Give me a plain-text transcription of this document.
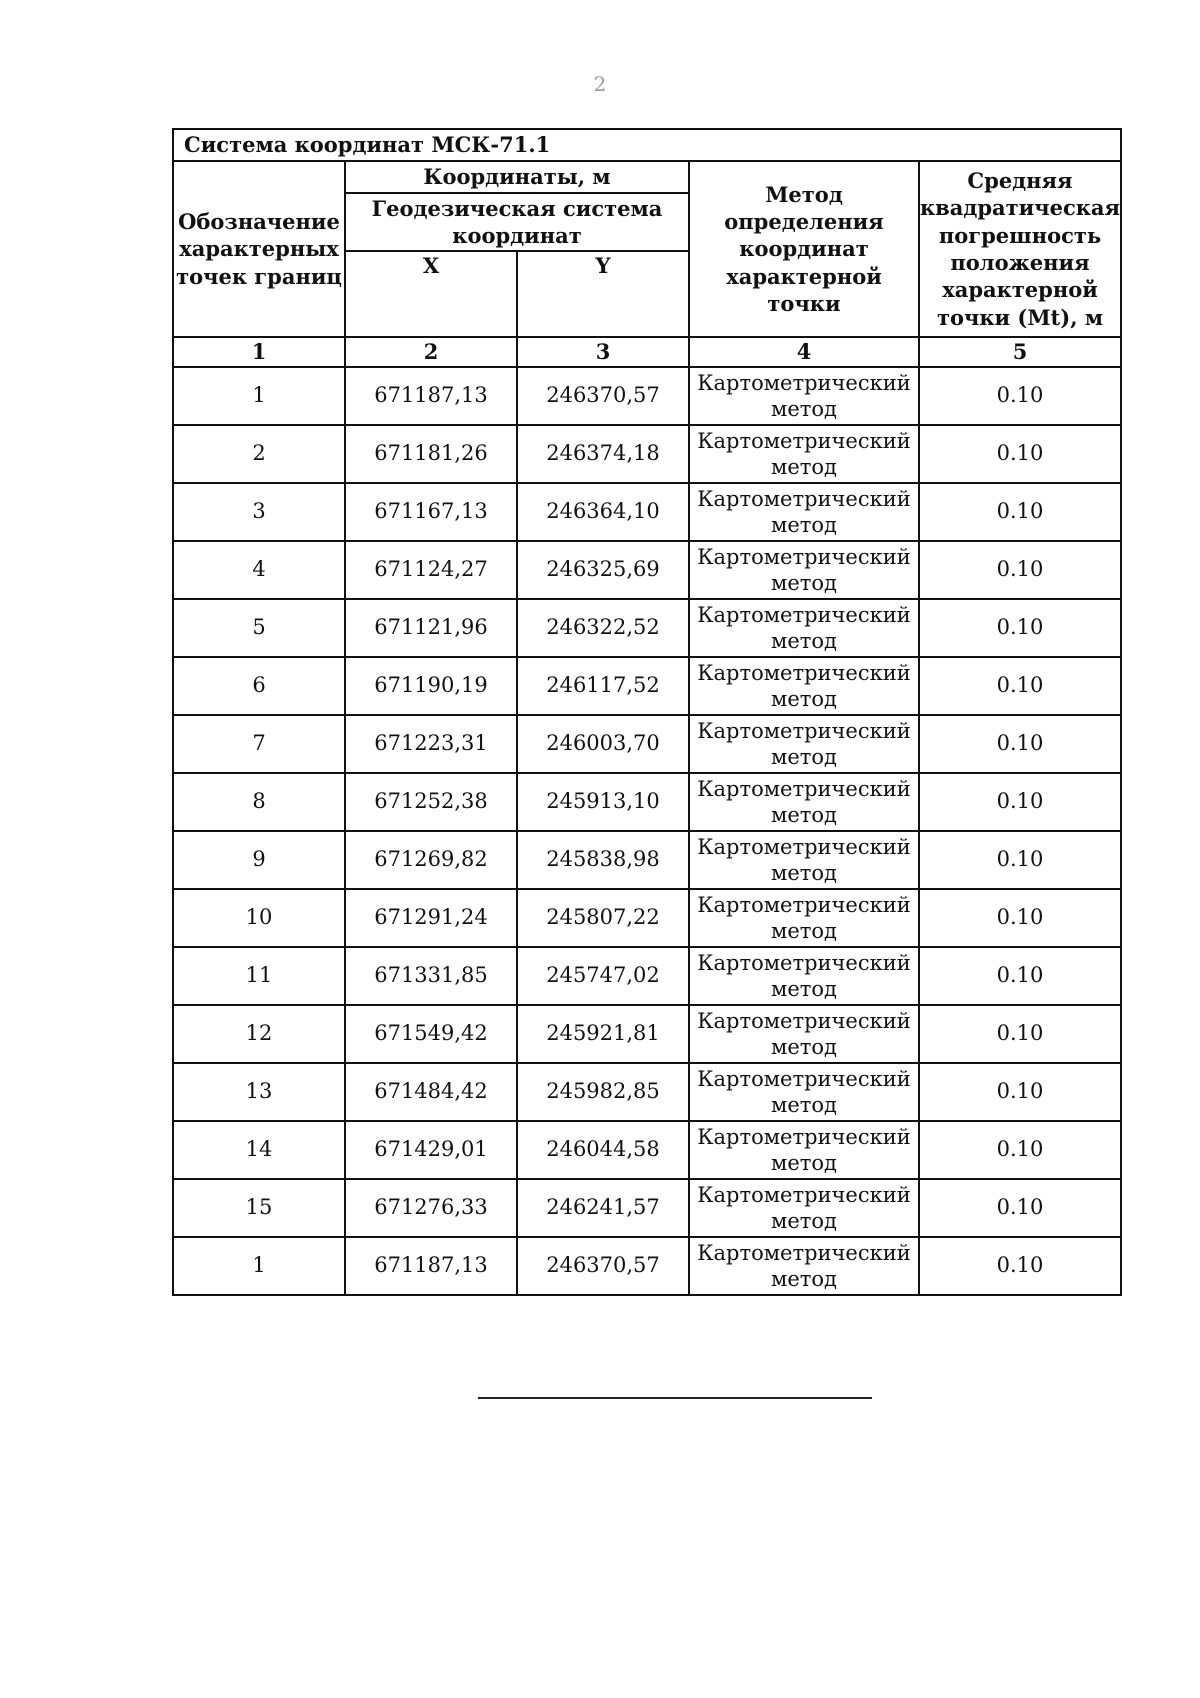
2
Система координат МСК-71.1				
Обозначение характерных точек границ	Координаты, м		Метод определения координат характерной точки	Средняя квадратическая погрешность положения характерной точки (Mt), м
	Геодезическая система координат			
	X	Y		
1	2	3	4	5
1	671187,13	246370,57	Картометрический метод	0.10
2	671181,26	246374,18	Картометрический метод	0.10
3	671167,13	246364,10	Картометрический метод	0.10
4	671124,27	246325,69	Картометрический метод	0.10
5	671121,96	246322,52	Картометрический метод	0.10
6	671190,19	246117,52	Картометрический метод	0.10
7	671223,31	246003,70	Картометрический метод	0.10
8	671252,38	245913,10	Картометрический метод	0.10
9	671269,82	245838,98	Картометрический метод	0.10
10	671291,24	245807,22	Картометрический метод	0.10
11	671331,85	245747,02	Картометрический метод	0.10
12	671549,42	245921,81	Картометрический метод	0.10
13	671484,42	245982,85	Картометрический метод	0.10
14	671429,01	246044,58	Картометрический метод	0.10
15	671276,33	246241,57	Картометрический метод	0.10
1	671187,13	246370,57	Картометрический метод	0.10
